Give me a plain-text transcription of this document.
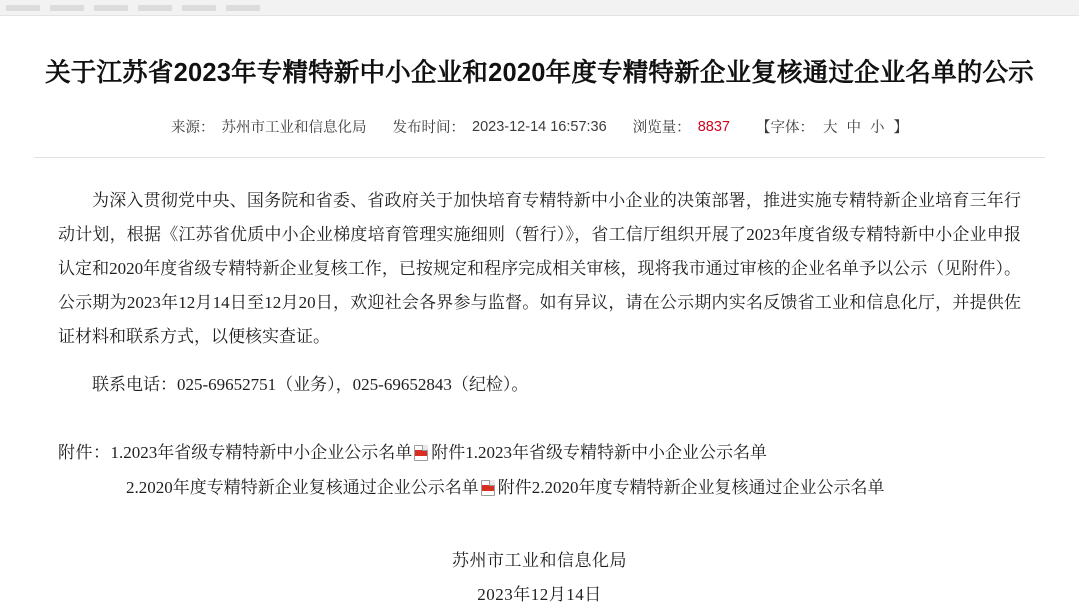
关于江苏省2023年专精特新中小企业和2020年度专精特新企业复核通过企业名单的公示
来源： 苏州市工业和信息化局 发布时间： 2023-12-14 16:57:36 浏览量： 8837 【字体： 大 中 小 】

为深入贯彻党中央、国务院和省委、省政府关于加快培育专精特新中小企业的决策部署，推进实施专精特新企业培育三年行动计划，根据《江苏省优质中小企业梯度培育管理实施细则（暂行）》，省工信厅组织开展了2023年度省级专精特新中小企业申报认定和2020年度省级专精特新企业复核工作，已按规定和程序完成相关审核，现将我市通过审核的企业名单予以公示（见附件）。公示期为2023年12月14日至12月20日，欢迎社会各界参与监督。如有异议，请在公示期内实名反馈省工业和信息化厅，并提供佐证材料和联系方式，以便核实查证。

联系电话：025-69652751（业务），025-69652843（纪检）。

附件：1.2023年省级专精特新中小企业公示名单 附件1.2023年省级专精特新中小企业公示名单
2.2020年度专精特新企业复核通过企业公示名单 附件2.2020年度专精特新企业复核通过企业公示名单
苏州市工业和信息化局
2023年12月14日
